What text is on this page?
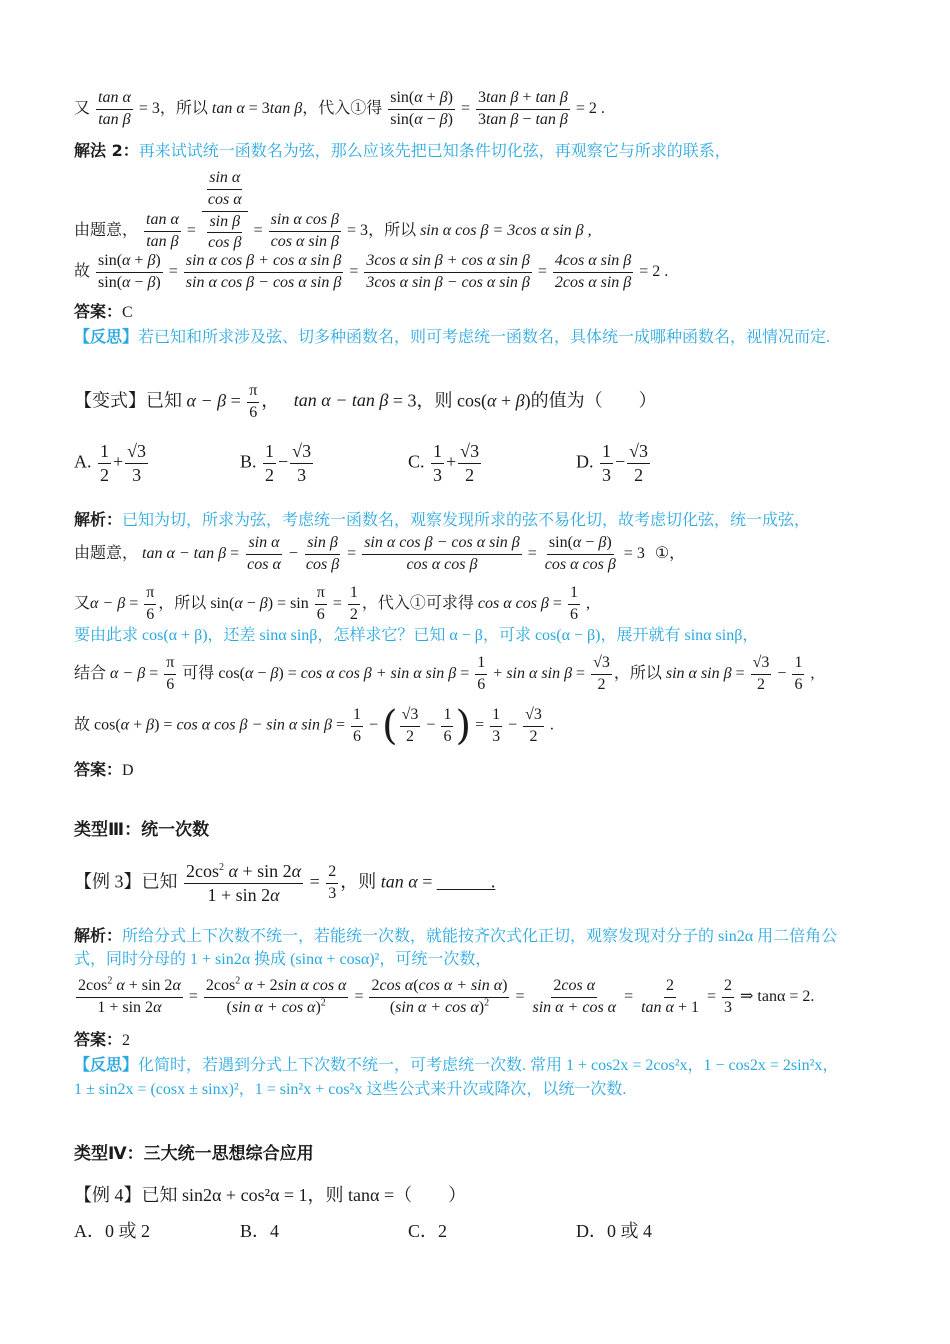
又 $\frac{\text{tan α}}{\text{tan β}} = 3$，所以 tan α = 3tan β，代入①得 $\frac{\sin(\alpha + \beta)}{\sin(\alpha - \beta)} = \frac{\text{3tan β + tan β}}{\text{3tan β − tan β}} = 2$ .
解法 2：再来试试统一函数名为弦，那么应该先把已知条件切化弦，再观察它与所求的联系，
由题意， $\frac{\text{tan α}}{\text{tan β}} = \frac{\frac{\text{sin α}}{\text{cos α}}}{\frac{\text{sin β}}{\text{cos β}}} = \frac{\text{sin α cos β}}{\text{cos α sin β}} = 3$，所以 sin α cos β = 3cos α sin β ,
故 $\frac{\sin(\alpha + \beta)}{\sin(\alpha - \beta)} = \frac{\text{sin α cos β + cos α sin β}}{\text{sin α cos β − cos α sin β}} = \frac{\text{3cos α sin β + cos α sin β}}{\text{3cos α sin β − cos α sin β}} = \frac{\text{4cos α sin β}}{\text{2cos α sin β}} = 2$ .
答案：C
【反思】若已知和所求涉及弦、切多种函数名，则可考虑统一函数名，具体统一成哪种函数名，视情况而定.
【变式】已知 $\alpha - \beta = \frac{\pi}{6}$ ， tan α − tan β = 3，则 cos(α + β)的值为（　　）
A. $\frac{1}{2} + \frac{√3}{3}$	B. $\frac{1}{2} - \frac{√3}{3}$	C. $\frac{1}{3} + \frac{√3}{2}$	D. $\frac{1}{3} - \frac{√3}{2}$
解析：已知为切，所求为弦，考虑统一函数名，观察发现所求的弦不易化切，故考虑切化弦，统一成弦，
由题意， $\tan \alpha - \tan \beta = \frac{\text{sin α}}{\text{cos α}} - \frac{\text{sin β}}{\text{cos β}} = \frac{\text{sin α cos β − cos α sin β}}{\text{cos α cos β}} = \frac{\sin(\alpha - \beta)}{\text{cos α cos β}} = 3$ ①，
又$\alpha - \beta = \frac{\pi}{6}$ ，所以 $\sin(\alpha - \beta) = \sin \frac{\pi}{6} = \frac{1}{2}$ ，代入①可求得 cos α $\cos \beta = \frac{1}{6}$ ,
要由此求 cos(α + β)，还差 sinα sinβ，怎样求它？已知 α − β，可求 cos(α − β)，展开就有 sinα sinβ，
结合 $\alpha - \beta = \frac{\pi}{6}$ 可得 cos(α − β) = cos α cos β + sin α $\sin \beta = \frac{1}{6} + \sin \alpha$ $\sin \beta = \frac{√3}{2}$ ，所以 sin α $\sin \beta = \frac{√3}{2} - \frac{1}{6}$ ,
故 cos(α + β) = cos α cos β − sin α $\sin \beta = \frac{1}{6}$ − ( $\frac{√3}{2} - \frac{1}{6}$ ) = $\frac{1}{3} - \frac{√3}{2}$ .
答案：D
类型Ⅲ：统一次数
【例 3】已知 $\frac{2\cos^2 \alpha + \sin 2\alpha}{1 + \sin 2\alpha} = \frac{2}{3}$ ，则 tan α = ______.
解析：所给分式上下次数不统一，若能统一次数，就能按齐次式化正切，观察发现对分子的 sin2α 用二倍角公
式，同时分母的 1 + sin2α 换成 (sinα + cosα)²，可统一次数，
$\frac{2\cos^2 \alpha + \sin 2\alpha}{1 + \sin 2\alpha} = \frac{2\cos^2 \alpha + 2\sin \alpha \cos \alpha}{(\sin \alpha + \cos \alpha)^2} = \frac{\text{2cos α(cos α + sin α)}}{(\sin \alpha + \cos \alpha)^2} = \frac{\text{2cos α}}{\text{sin α + cos α}} = \frac{2}{\text{tan α + 1}} = \frac{2}{3}$ ⇒ tanα = 2.
答案：2
【反思】化简时，若遇到分式上下次数不统一，可考虑统一次数. 常用 1 + cos2x = 2cos²x，1 − cos2x = 2sin²x，
1 ± sin2x = (cosx ± sinx)²，1 = sin²x + cos²x 这些公式来升次或降次，以统一次数.
类型Ⅳ：三大统一思想综合应用
【例 4】已知 sin2α + cos²α = 1，则 tanα =（　　）
A．0 或 2	B．4	C．2	D．0 或 4
